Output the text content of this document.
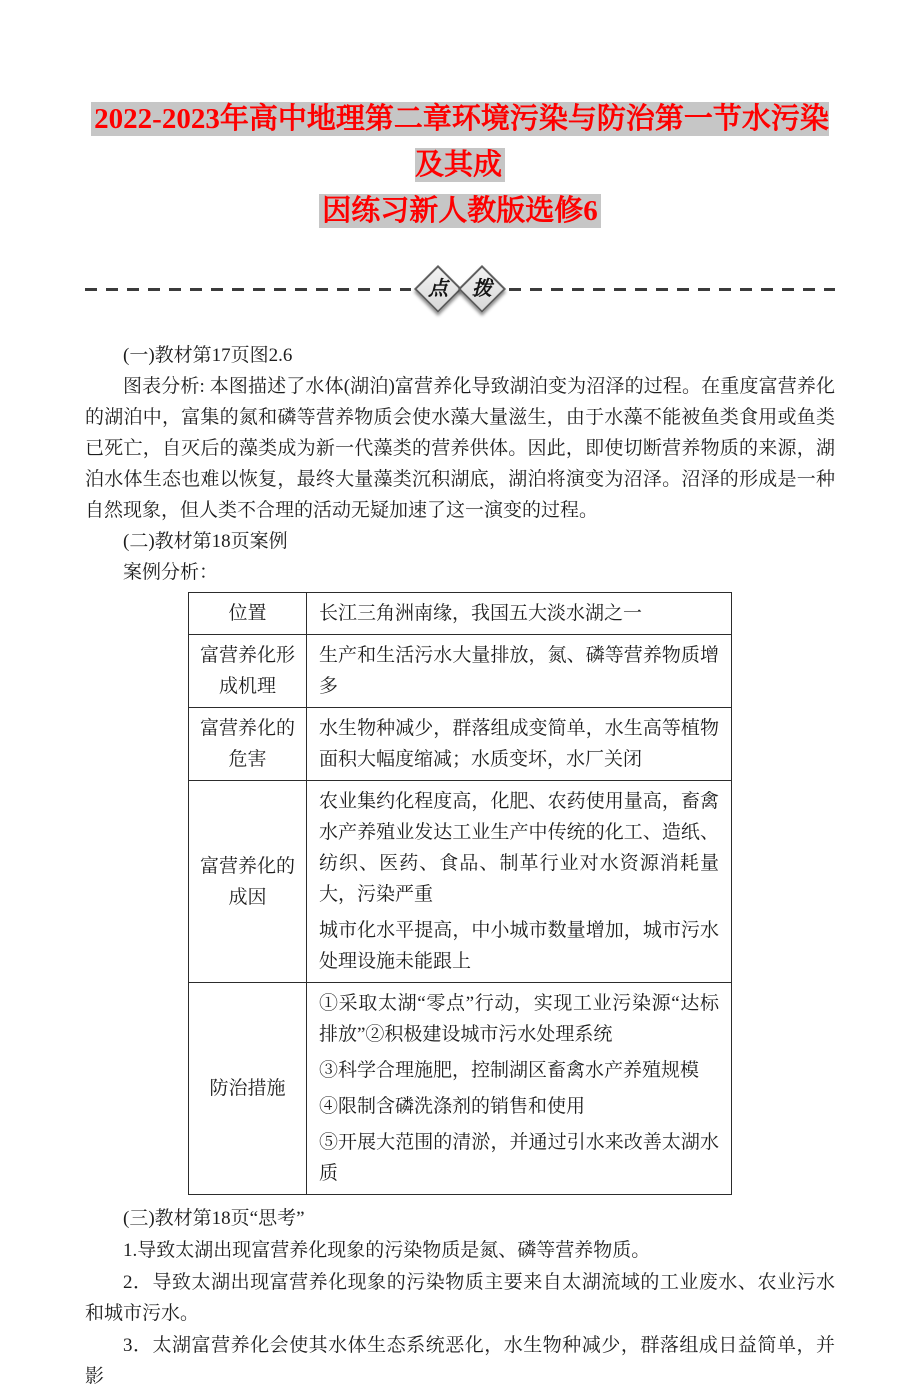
2022-2023年高中地理第二章环境污染与防治第一节水污染及其成
因练习新人教版选修6
点 拨

(一)教材第17页图2.6

图表分析: 本图描述了水体(湖泊)富营养化导致湖泊变为沼泽的过程。在重度富营养化的湖泊中，富集的氮和磷等营养物质会使水藻大量滋生，由于水藻不能被鱼类食用或鱼类已死亡，自灭后的藻类成为新一代藻类的营养供体。因此，即使切断营养物质的来源，湖泊水体生态也难以恢复，最终大量藻类沉积湖底，湖泊将演变为沼泽。沼泽的形成是一种自然现象，但人类不合理的活动无疑加速了这一演变的过程。

(二)教材第18页案例

案例分析：

位置	长江三角洲南缘，我国五大淡水湖之一

富营养化形成机理	生产和生活污水大量排放，氮、磷等营养物质增多

富营养化的危害	水生物种减少，群落组成变简单，水生高等植物面积大幅度缩减；水质变坏，水厂关闭

富营养化的成因	农业集约化程度高，化肥、农药使用量高，畜禽水产养殖业发达工业生产中传统的化工、造纸、纺织、医药、食品、制革行业对水资源消耗量大，污染严重

城市化水平提高，中小城市数量增加，城市污水处理设施未能跟上

防治措施	①采取太湖“零点”行动，实现工业污染源“达标排放”②积极建设城市污水处理系统

③科学合理施肥，控制湖区畜禽水产养殖规模

④限制含磷洗涤剂的销售和使用

⑤开展大范围的清淤，并通过引水来改善太湖水质

(三)教材第18页“思考”

1.导致太湖出现富营养化现象的污染物质是氮、磷等营养物质。

2．导致太湖出现富营养化现象的污染物质主要来自太湖流域的工业废水、农业污水和城市污水。

3．太湖富营养化会使其水体生态系统恶化，水生物种减少，群落组成日益简单，并影
